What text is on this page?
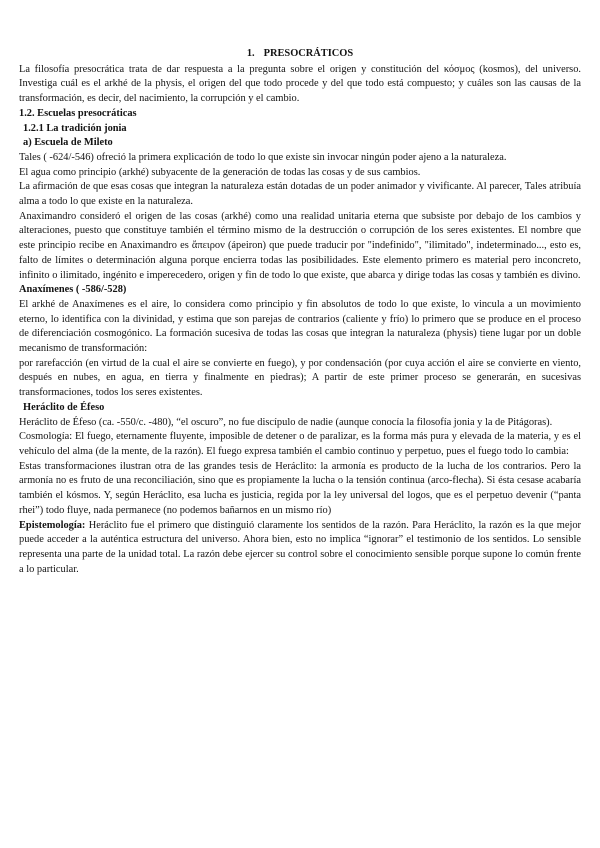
1. PRESOCRÁTICOS

La filosofía presocrática trata de dar respuesta a la pregunta sobre el origen y constitución del κόσμος (kosmos), del universo. Investiga cuál es el arkhé de la physis, el origen del que todo procede y del que todo está compuesto; y cuáles son las causas de la transformación, es decir, del nacimiento, la corrupción y el cambio.

1.2. Escuelas presocráticas

1.2.1 La tradición jonia

a) Escuela de Mileto

Tales ( -624/-546) ofreció la primera explicación de todo lo que existe sin invocar ningún poder ajeno a la naturaleza.

El agua como principio (arkhé) subyacente de la generación de todas las cosas y de sus cambios.

La afirmación de que esas cosas que integran la naturaleza están dotadas de un poder animador y vivificante. Al parecer, Tales atribuía alma a todo lo que existe en la naturaleza.

Anaximandro consideró el origen de las cosas (arkhé) como una realidad unitaria eterna que subsiste por debajo de los cambios y alteraciones, puesto que constituye también el término mismo de la destrucción o corrupción de los seres existentes. El nombre que este principio recibe en Anaximandro es ἄπειρον (ápeiron) que puede traducir por "indefinido", "ilimitado", indeterminado..., esto es, falto de límites o determinación alguna porque encierra todas las posibilidades. Este elemento primero es material pero inconcreto, infinito o ilimitado, ingénito e imperecedero, origen y fin de todo lo que existe, que abarca y dirige todas las cosas y también es divino.

Anaxímenes ( -586/-528)

El arkhé de Anaxímenes es el aire, lo considera como principio y fin absolutos de todo lo que existe, lo vincula a un movimiento eterno, lo identifica con la divinidad, y estima que son parejas de contrarios (caliente y frío) lo primero que se produce en el proceso de diferenciación cosmogónico. La formación sucesiva de todas las cosas que integran la naturaleza (physis) tiene lugar por un doble mecanismo de transformación:

por rarefacción (en virtud de la cual el aire se convierte en fuego), y por condensación (por cuya acción el aire se convierte en viento, después en nubes, en agua, en tierra y finalmente en piedras); A partir de este primer proceso se generarán, en sucesivas transformaciones, todos los seres existentes.

Heráclito de Éfeso

Heráclito de Éfeso (ca. -550/c. -480), “el oscuro”, no fue discípulo de nadie (aunque conocía la filosofía jonia y la de Pitágoras).

Cosmología: El fuego, eternamente fluyente, imposible de detener o de paralizar, es la forma más pura y elevada de la materia, y es el vehículo del alma (de la mente, de la razón). El fuego expresa también el cambio continuo y perpetuo, pues el fuego todo lo cambia:

Estas transformaciones ilustran otra de las grandes tesis de Heráclito: la armonía es producto de la lucha de los contrarios. Pero la armonía no es fruto de una reconciliación, sino que es propiamente la lucha o la tensión continua (arco-flecha). Si ésta cesase acabaría también el kósmos. Y, según Heráclito, esa lucha es justicia, regida por la ley universal del logos, que es el perpetuo devenir (“panta rhei”) todo fluye, nada permanece (no podemos bañarnos en un mismo río)

Epistemología: Heráclito fue el primero que distinguió claramente los sentidos de la razón. Para Heráclito, la razón es la que mejor puede acceder a la auténtica estructura del universo. Ahora bien, esto no implica “ignorar” el testimonio de los sentidos. Lo sensible representa una parte de la unidad total. La razón debe ejercer su control sobre el conocimiento sensible porque supone lo común frente a lo particular.
